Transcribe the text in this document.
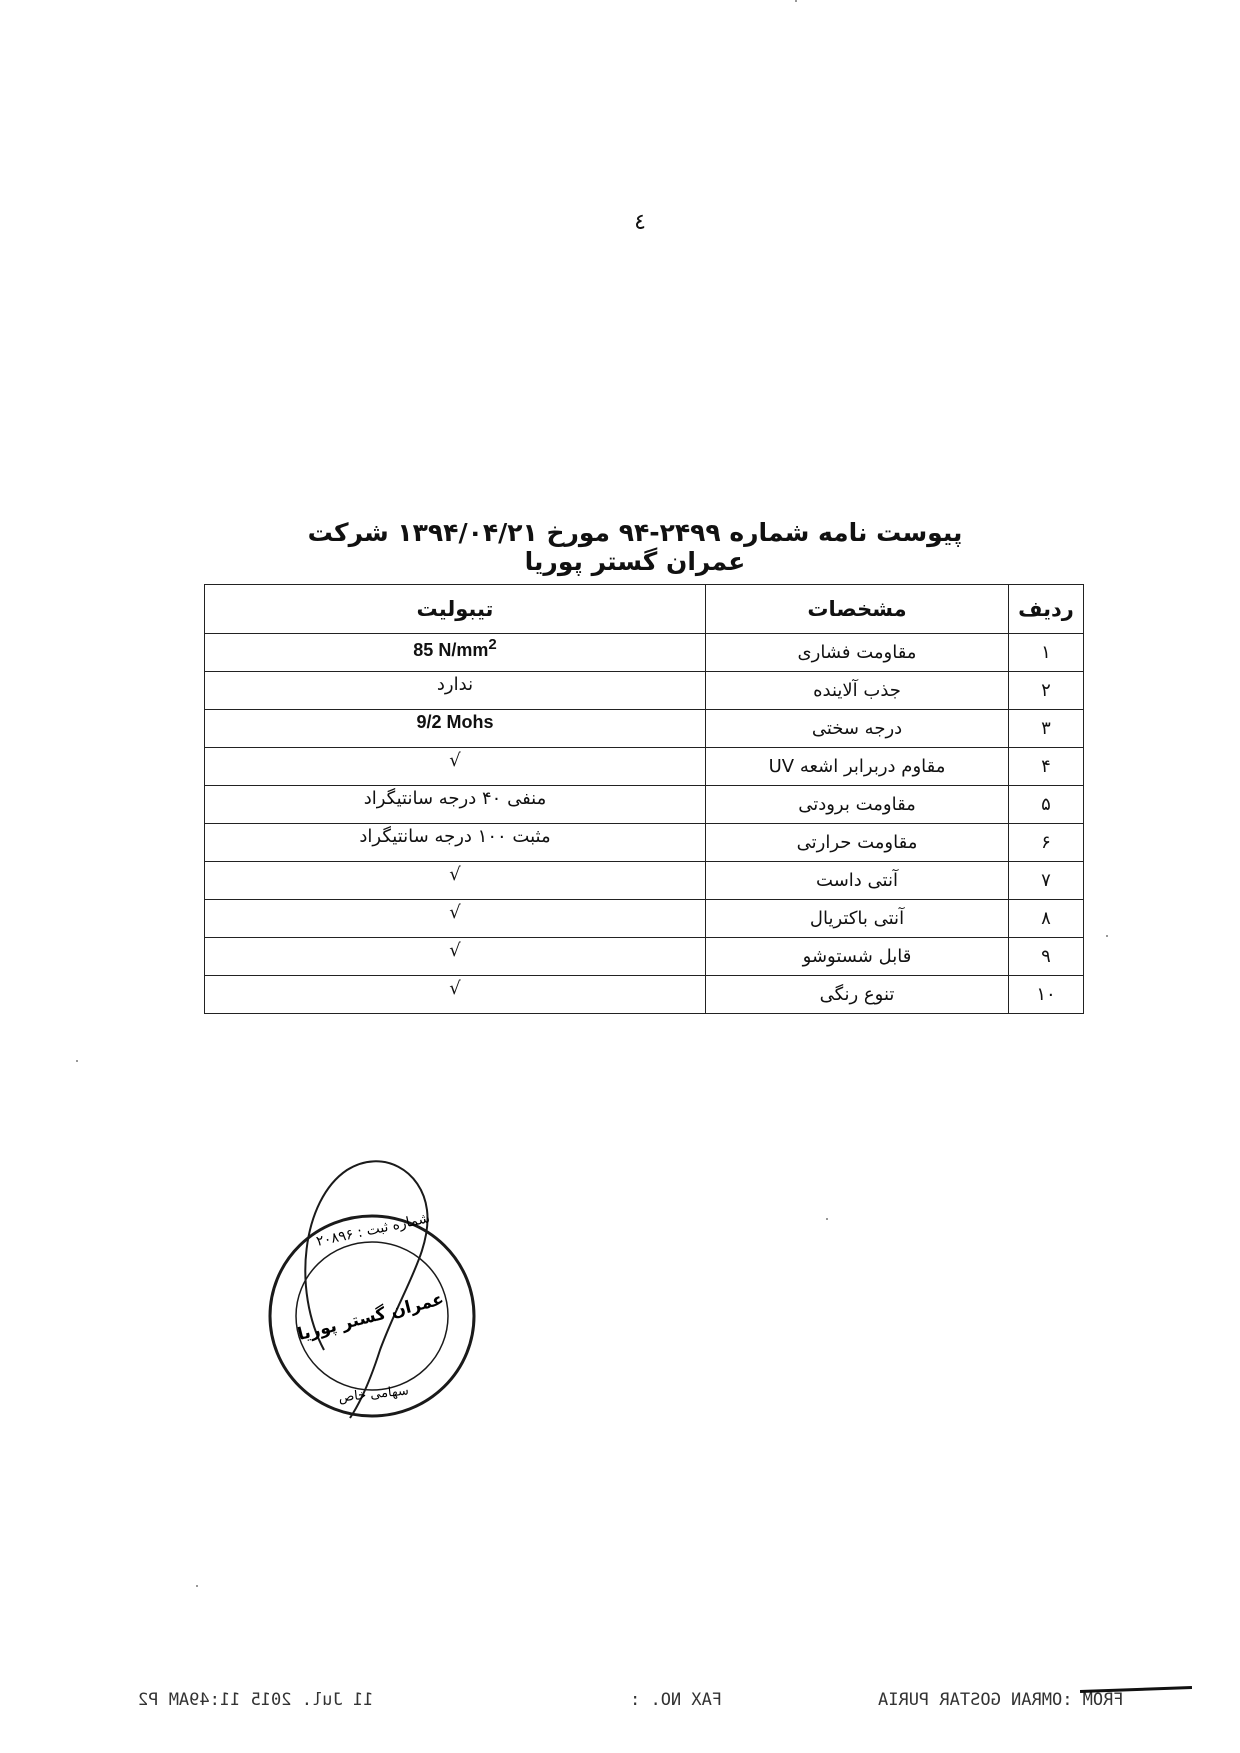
٤
پیوست نامه شماره ۲۴۹۹-۹۴ مورخ ۱۳۹۴/۰۴/۲۱ شرکت عمران گستر پوریا
ردیف	مشخصات	تیبولیت
۱	مقاومت فشاری	85 $N/mm^2$
۲	جذب آلاینده	ندارد
۳	درجه سختی	9/2 Mohs
۴	مقاوم دربرابر اشعه UV	√
۵	مقاومت برودتی	منفی ۴۰ درجه سانتیگراد
۶	مقاومت حرارتی	مثبت ۱۰۰ درجه سانتیگراد
۷	آنتی داست	√
۸	آنتی باکتریال	√
۹	قابل شستوشو	√
۱۰	تنوع رنگی	√
شماره ثبت : ۲۰۸۹۶
عمران گستر پوریا
سهامی خاص
11 Jul. 2015 11:49AM P2	FAX NO. :	FROM :OMRAN GOSTAR PURIA
